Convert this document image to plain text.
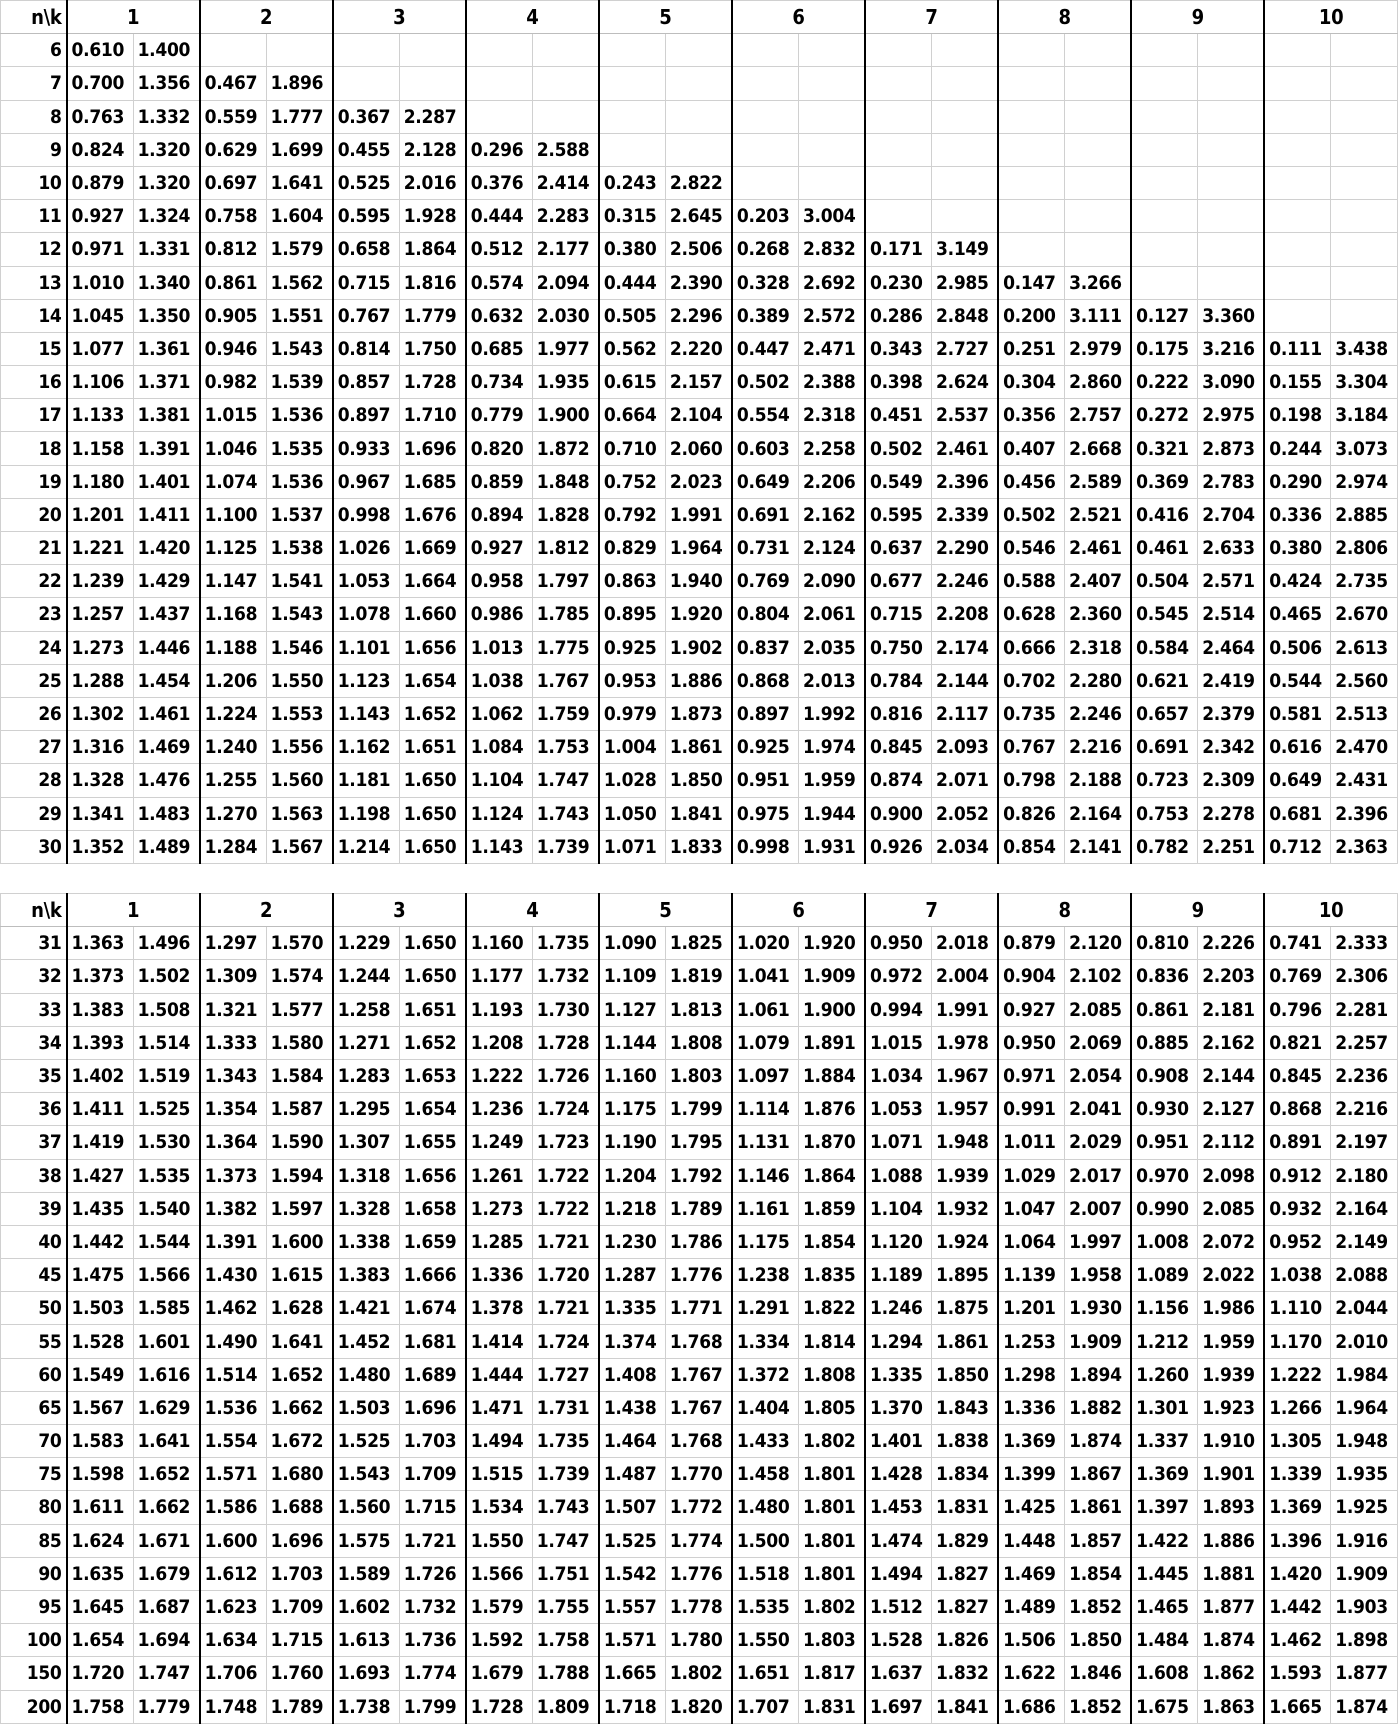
n\k	1		2		3		4		5		6		7		8		9		10	
6	0.610	1.400																		
7	0.700	1.356	0.467	1.896																
8	0.763	1.332	0.559	1.777	0.367	2.287														
9	0.824	1.320	0.629	1.699	0.455	2.128	0.296	2.588												
10	0.879	1.320	0.697	1.641	0.525	2.016	0.376	2.414	0.243	2.822										
11	0.927	1.324	0.758	1.604	0.595	1.928	0.444	2.283	0.315	2.645	0.203	3.004								
12	0.971	1.331	0.812	1.579	0.658	1.864	0.512	2.177	0.380	2.506	0.268	2.832	0.171	3.149						
13	1.010	1.340	0.861	1.562	0.715	1.816	0.574	2.094	0.444	2.390	0.328	2.692	0.230	2.985	0.147	3.266				
14	1.045	1.350	0.905	1.551	0.767	1.779	0.632	2.030	0.505	2.296	0.389	2.572	0.286	2.848	0.200	3.111	0.127	3.360		
15	1.077	1.361	0.946	1.543	0.814	1.750	0.685	1.977	0.562	2.220	0.447	2.471	0.343	2.727	0.251	2.979	0.175	3.216	0.111	3.438
16	1.106	1.371	0.982	1.539	0.857	1.728	0.734	1.935	0.615	2.157	0.502	2.388	0.398	2.624	0.304	2.860	0.222	3.090	0.155	3.304
17	1.133	1.381	1.015	1.536	0.897	1.710	0.779	1.900	0.664	2.104	0.554	2.318	0.451	2.537	0.356	2.757	0.272	2.975	0.198	3.184
18	1.158	1.391	1.046	1.535	0.933	1.696	0.820	1.872	0.710	2.060	0.603	2.258	0.502	2.461	0.407	2.668	0.321	2.873	0.244	3.073
19	1.180	1.401	1.074	1.536	0.967	1.685	0.859	1.848	0.752	2.023	0.649	2.206	0.549	2.396	0.456	2.589	0.369	2.783	0.290	2.974
20	1.201	1.411	1.100	1.537	0.998	1.676	0.894	1.828	0.792	1.991	0.691	2.162	0.595	2.339	0.502	2.521	0.416	2.704	0.336	2.885
21	1.221	1.420	1.125	1.538	1.026	1.669	0.927	1.812	0.829	1.964	0.731	2.124	0.637	2.290	0.546	2.461	0.461	2.633	0.380	2.806
22	1.239	1.429	1.147	1.541	1.053	1.664	0.958	1.797	0.863	1.940	0.769	2.090	0.677	2.246	0.588	2.407	0.504	2.571	0.424	2.735
23	1.257	1.437	1.168	1.543	1.078	1.660	0.986	1.785	0.895	1.920	0.804	2.061	0.715	2.208	0.628	2.360	0.545	2.514	0.465	2.670
24	1.273	1.446	1.188	1.546	1.101	1.656	1.013	1.775	0.925	1.902	0.837	2.035	0.750	2.174	0.666	2.318	0.584	2.464	0.506	2.613
25	1.288	1.454	1.206	1.550	1.123	1.654	1.038	1.767	0.953	1.886	0.868	2.013	0.784	2.144	0.702	2.280	0.621	2.419	0.544	2.560
26	1.302	1.461	1.224	1.553	1.143	1.652	1.062	1.759	0.979	1.873	0.897	1.992	0.816	2.117	0.735	2.246	0.657	2.379	0.581	2.513
27	1.316	1.469	1.240	1.556	1.162	1.651	1.084	1.753	1.004	1.861	0.925	1.974	0.845	2.093	0.767	2.216	0.691	2.342	0.616	2.470
28	1.328	1.476	1.255	1.560	1.181	1.650	1.104	1.747	1.028	1.850	0.951	1.959	0.874	2.071	0.798	2.188	0.723	2.309	0.649	2.431
29	1.341	1.483	1.270	1.563	1.198	1.650	1.124	1.743	1.050	1.841	0.975	1.944	0.900	2.052	0.826	2.164	0.753	2.278	0.681	2.396
30	1.352	1.489	1.284	1.567	1.214	1.650	1.143	1.739	1.071	1.833	0.998	1.931	0.926	2.034	0.854	2.141	0.782	2.251	0.712	2.363
n\k	1		2		3		4		5		6		7		8		9		10	
31	1.363	1.496	1.297	1.570	1.229	1.650	1.160	1.735	1.090	1.825	1.020	1.920	0.950	2.018	0.879	2.120	0.810	2.226	0.741	2.333
32	1.373	1.502	1.309	1.574	1.244	1.650	1.177	1.732	1.109	1.819	1.041	1.909	0.972	2.004	0.904	2.102	0.836	2.203	0.769	2.306
33	1.383	1.508	1.321	1.577	1.258	1.651	1.193	1.730	1.127	1.813	1.061	1.900	0.994	1.991	0.927	2.085	0.861	2.181	0.796	2.281
34	1.393	1.514	1.333	1.580	1.271	1.652	1.208	1.728	1.144	1.808	1.079	1.891	1.015	1.978	0.950	2.069	0.885	2.162	0.821	2.257
35	1.402	1.519	1.343	1.584	1.283	1.653	1.222	1.726	1.160	1.803	1.097	1.884	1.034	1.967	0.971	2.054	0.908	2.144	0.845	2.236
36	1.411	1.525	1.354	1.587	1.295	1.654	1.236	1.724	1.175	1.799	1.114	1.876	1.053	1.957	0.991	2.041	0.930	2.127	0.868	2.216
37	1.419	1.530	1.364	1.590	1.307	1.655	1.249	1.723	1.190	1.795	1.131	1.870	1.071	1.948	1.011	2.029	0.951	2.112	0.891	2.197
38	1.427	1.535	1.373	1.594	1.318	1.656	1.261	1.722	1.204	1.792	1.146	1.864	1.088	1.939	1.029	2.017	0.970	2.098	0.912	2.180
39	1.435	1.540	1.382	1.597	1.328	1.658	1.273	1.722	1.218	1.789	1.161	1.859	1.104	1.932	1.047	2.007	0.990	2.085	0.932	2.164
40	1.442	1.544	1.391	1.600	1.338	1.659	1.285	1.721	1.230	1.786	1.175	1.854	1.120	1.924	1.064	1.997	1.008	2.072	0.952	2.149
45	1.475	1.566	1.430	1.615	1.383	1.666	1.336	1.720	1.287	1.776	1.238	1.835	1.189	1.895	1.139	1.958	1.089	2.022	1.038	2.088
50	1.503	1.585	1.462	1.628	1.421	1.674	1.378	1.721	1.335	1.771	1.291	1.822	1.246	1.875	1.201	1.930	1.156	1.986	1.110	2.044
55	1.528	1.601	1.490	1.641	1.452	1.681	1.414	1.724	1.374	1.768	1.334	1.814	1.294	1.861	1.253	1.909	1.212	1.959	1.170	2.010
60	1.549	1.616	1.514	1.652	1.480	1.689	1.444	1.727	1.408	1.767	1.372	1.808	1.335	1.850	1.298	1.894	1.260	1.939	1.222	1.984
65	1.567	1.629	1.536	1.662	1.503	1.696	1.471	1.731	1.438	1.767	1.404	1.805	1.370	1.843	1.336	1.882	1.301	1.923	1.266	1.964
70	1.583	1.641	1.554	1.672	1.525	1.703	1.494	1.735	1.464	1.768	1.433	1.802	1.401	1.838	1.369	1.874	1.337	1.910	1.305	1.948
75	1.598	1.652	1.571	1.680	1.543	1.709	1.515	1.739	1.487	1.770	1.458	1.801	1.428	1.834	1.399	1.867	1.369	1.901	1.339	1.935
80	1.611	1.662	1.586	1.688	1.560	1.715	1.534	1.743	1.507	1.772	1.480	1.801	1.453	1.831	1.425	1.861	1.397	1.893	1.369	1.925
85	1.624	1.671	1.600	1.696	1.575	1.721	1.550	1.747	1.525	1.774	1.500	1.801	1.474	1.829	1.448	1.857	1.422	1.886	1.396	1.916
90	1.635	1.679	1.612	1.703	1.589	1.726	1.566	1.751	1.542	1.776	1.518	1.801	1.494	1.827	1.469	1.854	1.445	1.881	1.420	1.909
95	1.645	1.687	1.623	1.709	1.602	1.732	1.579	1.755	1.557	1.778	1.535	1.802	1.512	1.827	1.489	1.852	1.465	1.877	1.442	1.903
100	1.654	1.694	1.634	1.715	1.613	1.736	1.592	1.758	1.571	1.780	1.550	1.803	1.528	1.826	1.506	1.850	1.484	1.874	1.462	1.898
150	1.720	1.747	1.706	1.760	1.693	1.774	1.679	1.788	1.665	1.802	1.651	1.817	1.637	1.832	1.622	1.846	1.608	1.862	1.593	1.877
200	1.758	1.779	1.748	1.789	1.738	1.799	1.728	1.809	1.718	1.820	1.707	1.831	1.697	1.841	1.686	1.852	1.675	1.863	1.665	1.874
